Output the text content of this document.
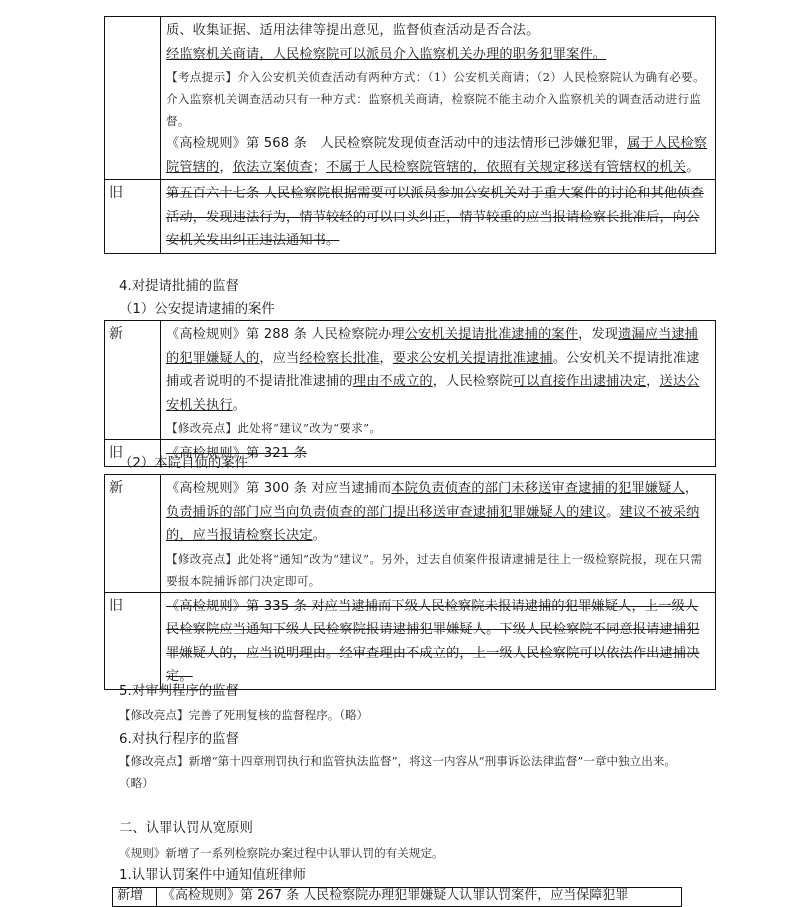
质、收集证据、适用法律等提出意见，监督侦查活动是否合法。

经监察机关商请，人民检察院可以派员介入监察机关办理的职务犯罪案件。

【考点提示】介入公安机关侦查活动有两种方式：（1）公安机关商请；（2）人民检察院认为确有必要。介入监察机关调查活动只有一种方式：监察机关商请，检察院不能主动介入监察机关的调查活动进行监督。

《高检规则》第 568 条　人民检察院发现侦查活动中的违法情形已涉嫌犯罪，属于人民检察院管辖的，依法立案侦查；不属于人民检察院管辖的，依照有关规定移送有管辖权的机关。

旧	第五百六十七条 人民检察院根据需要可以派员参加公安机关对于重大案件的讨论和其他侦查活动，发现违法行为，情节较轻的可以口头纠正，情节较重的应当报请检察长批准后，向公安机关发出纠正违法通知书。

4.对提请批捕的监督

（1）公安提请逮捕的案件

新	《高检规则》第 288 条 人民检察院办理公安机关提请批准逮捕的案件，发现遗漏应当逮捕的犯罪嫌疑人的，应当经检察长批准，要求公安机关提请批准逮捕。公安机关不提请批准逮捕或者说明的不提请批准逮捕的理由不成立的，人民检察院可以直接作出逮捕决定，送达公安机关执行。

【修改亮点】此处将“建议”改为“要求”。

旧	《高检规则》第 321 条

（2）本院自侦的案件

新	《高检规则》第 300 条 对应当逮捕而本院负责侦查的部门未移送审查逮捕的犯罪嫌疑人，负责捕诉的部门应当向负责侦查的部门提出移送审查逮捕犯罪嫌疑人的建议。建议不被采纳的，应当报请检察长决定。

【修改亮点】此处将“通知”改为“建议”。另外，过去自侦案件报请逮捕是往上一级检察院报，现在只需要报本院捕诉部门决定即可。

旧	《高检规则》第 335 条 对应当逮捕而下级人民检察院未报请逮捕的犯罪嫌疑人，上一级人民检察院应当通知下级人民检察院报请逮捕犯罪嫌疑人。下级人民检察院不同意报请逮捕犯罪嫌疑人的，应当说明理由。经审查理由不成立的，上一级人民检察院可以依法作出逮捕决定。

5.对审判程序的监督

【修改亮点】完善了死刑复核的监督程序。（略）

6.对执行程序的监督

【修改亮点】新增“第十四章刑罚执行和监管执法监督”，将这一内容从“刑事诉讼法律监督”一章中独立出来。（略）

二、认罪认罚从宽原则

《规则》新增了一系列检察院办案过程中认罪认罚的有关规定。

1.认罪认罚案件中通知值班律师

新增	《高检规则》第 267 条 人民检察院办理犯罪嫌疑人认罪认罚案件，应当保障犯罪
